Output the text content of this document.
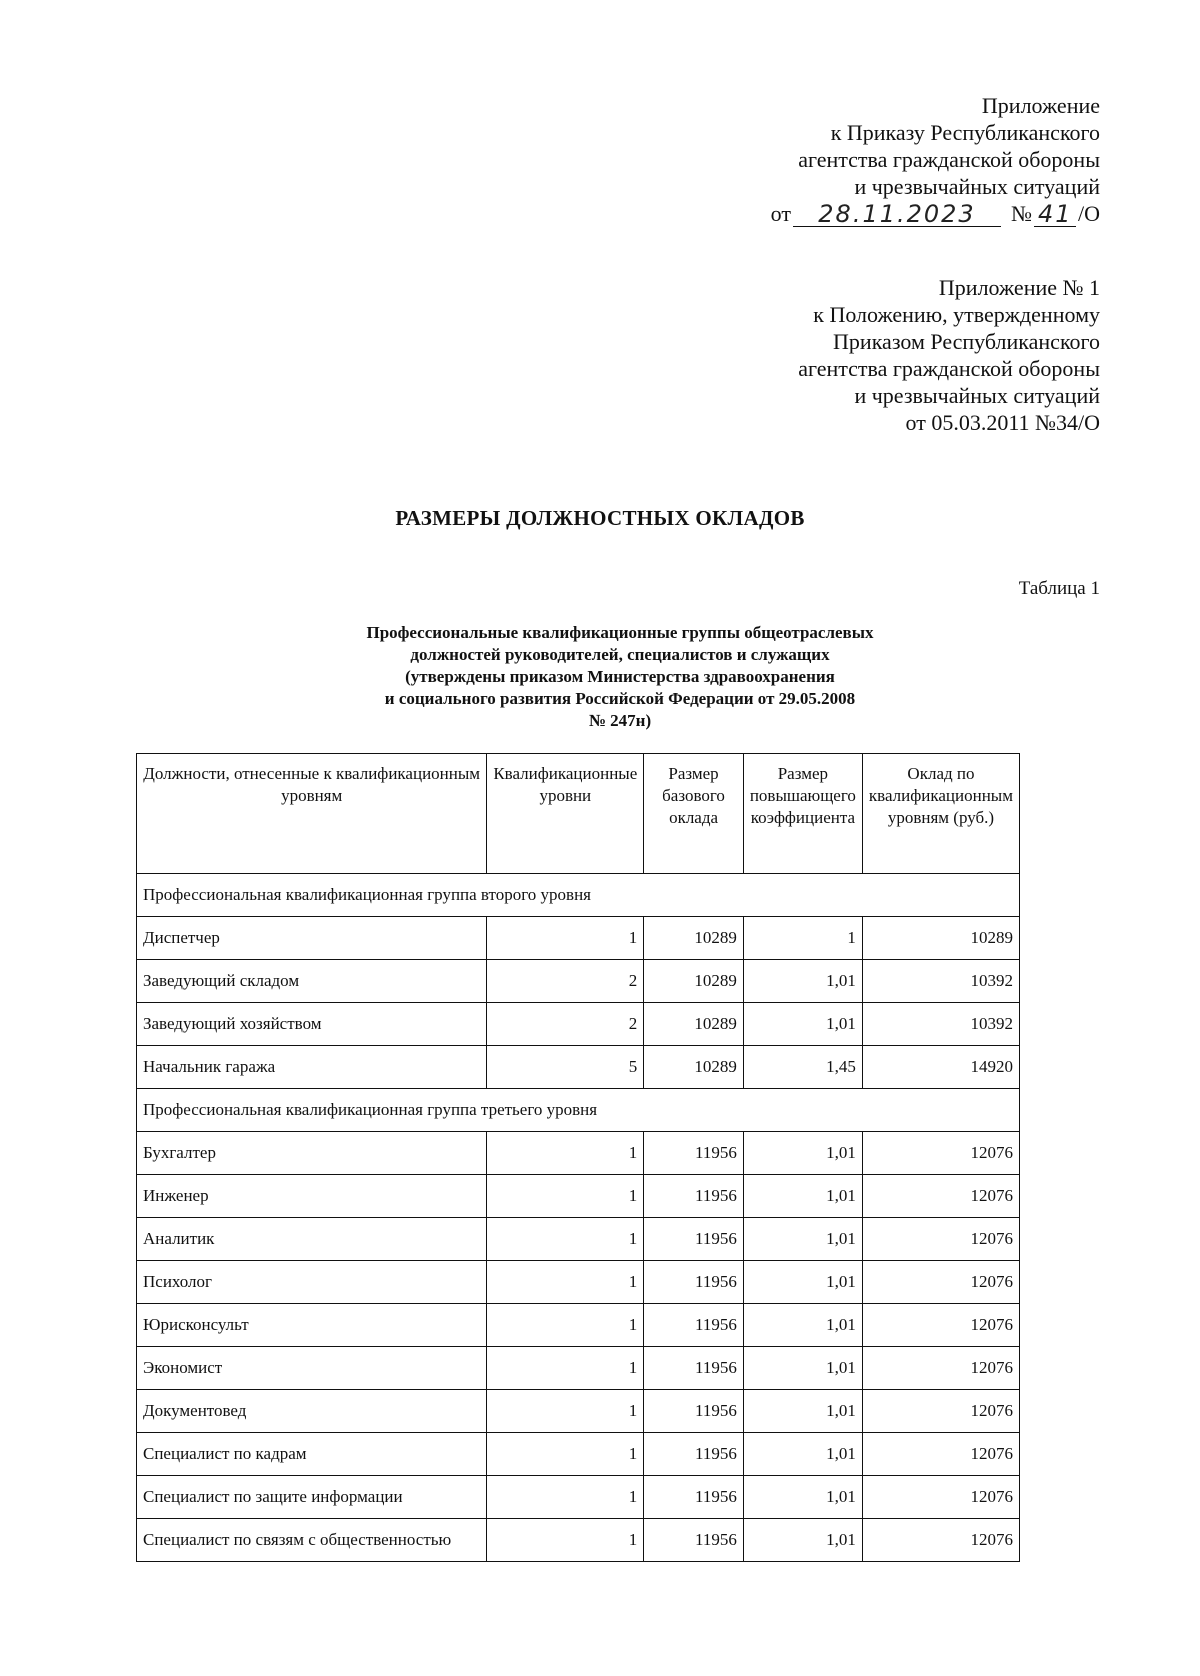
Приложение
к Приказу Республиканского
агентства гражданской обороны
и чрезвычайных ситуаций
от	28.11.2023	№ 41 /О
Приложение № 1
к Положению, утвержденному
Приказом Республиканского
агентства гражданской обороны
и чрезвычайных ситуаций
от 05.03.2011 №34/О
РАЗМЕРЫ ДОЛЖНОСТНЫХ ОКЛАДОВ
Таблица 1
Профессиональные квалификационные группы общеотраслевых
должностей руководителей, специалистов и служащих
(утверждены приказом Министерства здравоохранения
и социального развития Российской Федерации от 29.05.2008
№ 247н)
Должности, отнесенные к квалификационным уровням	Квалификационные уровни	Размер базового оклада	Размер повышающего коэффициента	Оклад по квалификационным уровням (руб.)
Профессиональная квалификационная группа второго уровня				
Диспетчер	1	10289	1	10289
Заведующий складом	2	10289	1,01	10392
Заведующий хозяйством	2	10289	1,01	10392
Начальник гаража	5	10289	1,45	14920
Профессиональная квалификационная группа третьего уровня				
Бухгалтер	1	11956	1,01	12076
Инженер	1	11956	1,01	12076
Аналитик	1	11956	1,01	12076
Психолог	1	11956	1,01	12076
Юрисконсульт	1	11956	1,01	12076
Экономист	1	11956	1,01	12076
Документовед	1	11956	1,01	12076
Специалист по кадрам	1	11956	1,01	12076
Специалист по защите информации	1	11956	1,01	12076
Специалист по связям с общественностью	1	11956	1,01	12076
